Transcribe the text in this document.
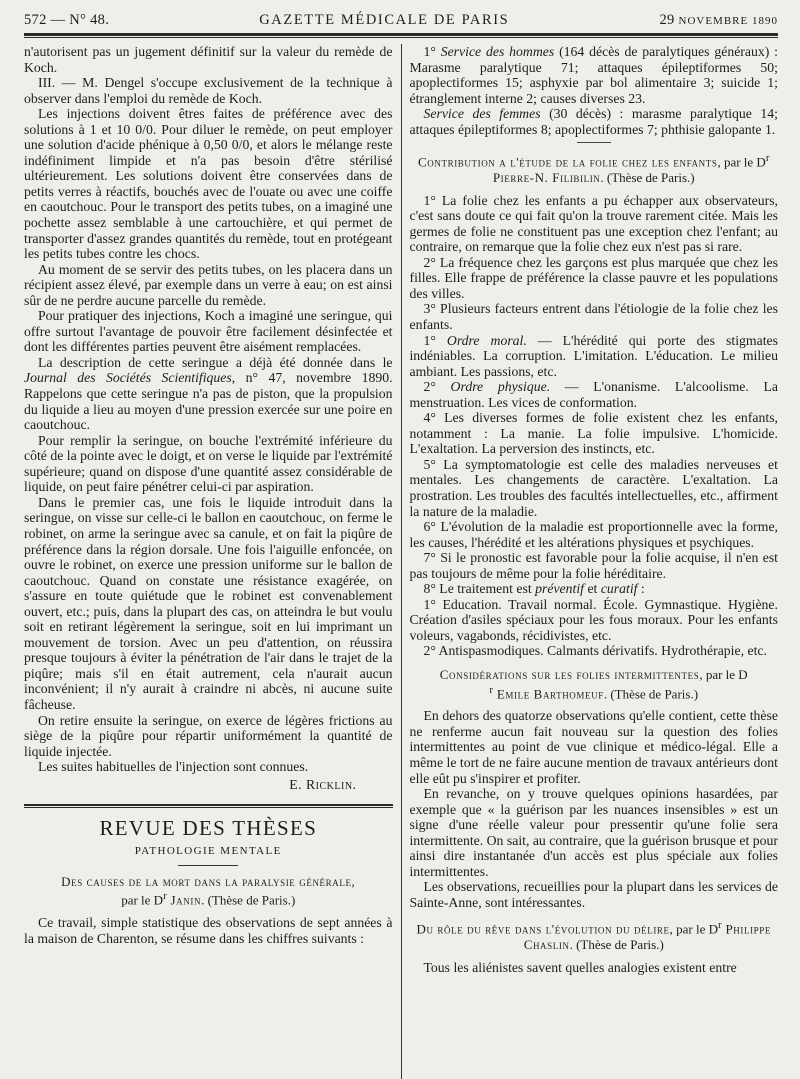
572 — N° 48.	GAZETTE MÉDICALE DE PARIS	29 NOVEMBRE 1890

n'autorisent pas un jugement définitif sur la valeur du remède de Koch.

III. — M. Dengel s'occupe exclusivement de la technique à observer dans l'emploi du remède de Koch.

Les injections doivent êtres faites de préférence avec des solutions à 1 et 10 0/0. Pour diluer le remède, on peut employer une solution d'acide phénique à 0,50 0/0, et alors le mélange reste indéfiniment limpide et n'a pas besoin d'être stérilisé ultérieurement. Les solutions doivent être conservées dans de petits verres à réactifs, bouchés avec de l'ouate ou avec une coiffe en caoutchouc. Pour le transport des petits tubes, on a imaginé une pochette assez semblable à une cartouchière, et qui permet de transporter d'assez grandes quantités du remède, tout en protégeant les petits tubes contre les chocs.

Au moment de se servir des petits tubes, on les placera dans un récipient assez élevé, par exemple dans un verre à eau; on est ainsi sûr de ne perdre aucune parcelle du remède.

Pour pratiquer des injections, Koch a imaginé une seringue, qui offre surtout l'avantage de pouvoir être facilement désinfectée et dont les différentes parties peuvent être aisément remplacées.

La description de cette seringue a déjà été donnée dans le Journal des Sociétés Scientifiques, n° 47, novembre 1890. Rappelons que cette seringue n'a pas de piston, que la propulsion du liquide a lieu au moyen d'une pression exercée sur une poire en caoutchouc.

Pour remplir la seringue, on bouche l'extrémité inférieure du côté de la pointe avec le doigt, et on verse le liquide par l'extrémité supérieure; quand on dispose d'une quantité assez considérable de liquide, on peut faire pénétrer celui-ci par aspiration.

Dans le premier cas, une fois le liquide introduit dans la seringue, on visse sur celle-ci le ballon en caoutchouc, on ferme le robinet, on arme la seringue avec sa canule, et on fait la piqûre de préférence dans la région dorsale. Une fois l'aiguille enfoncée, on ouvre le robinet, on exerce une pression uniforme sur le ballon de caoutchouc. Quand on constate une résistance exagérée, on s'assure en toute quiétude que le robinet est convenablement ouvert, etc.; puis, dans la plupart des cas, on atteindra le but voulu soit en retirant légèrement la seringue, soit en lui imprimant un mouvement de torsion. Avec un peu d'attention, on réussira presque toujours à éviter la pénétration de l'air dans le trajet de la piqûre; mais s'il en était autrement, cela n'aurait aucun inconvénient; il n'y aurait à craindre ni abcès, ni aucune suite fâcheuse.

On retire ensuite la seringue, on exerce de légères frictions au siège de la piqûre pour répartir uniformément la quantité de liquide injectée.

Les suites habituelles de l'injection sont connues.

E. Ricklin.
REVUE DES THÈSES
PATHOLOGIE MENTALE
Des causes de la mort dans la paralysie générale,
par le $D^r$ Janin. (Thèse de Paris.)

Ce travail, simple statistique des observations de sept années à la maison de Charenton, se résume dans les chiffres suivants :

1° Service des hommes (164 décès de paralytiques généraux) : Marasme paralytique 71; attaques épileptiformes 50; apoplectiformes 15; asphyxie par bol alimentaire 3; suicide 1; étranglement interne 2; causes diverses 23.

Service des femmes (30 décès) : marasme paralytique 14; attaques épileptiformes 8; apoplectiformes 7; phthisie galopante 1.

Contribution a l'étude de la folie chez les enfants, par le $D^r$ Pierre-N. Filibilin. (Thèse de Paris.)

1° La folie chez les enfants a pu échapper aux observateurs, c'est sans doute ce qui fait qu'on la trouve rarement citée. Mais les germes de folie ne constituent pas une exception chez l'enfant; au contraire, on remarque que la folie chez eux n'est pas si rare.

2° La fréquence chez les garçons est plus marquée que chez les filles. Elle frappe de préférence la classe pauvre et les populations des villes.

3° Plusieurs facteurs entrent dans l'étiologie de la folie chez les enfants.

1° Ordre moral. — L'hérédité qui porte des stigmates indéniables. La corruption. L'imitation. L'éducation. Le milieu ambiant. Les passions, etc.

2° Ordre physique. — L'onanisme. L'alcoolisme. La menstruation. Les vices de conformation.

4° Les diverses formes de folie existent chez les enfants, notamment : La manie. La folie impulsive. L'homicide. L'exaltation. La perversion des instincts, etc.

5° La symptomatologie est celle des maladies nerveuses et mentales. Les changements de caractère. L'exaltation. La prostration. Les troubles des facultés intellectuelles, etc., affirment la nature de la maladie.

6° L'évolution de la maladie est proportionnelle avec la forme, les causes, l'hérédité et les altérations physiques et psychiques.

7° Si le pronostic est favorable pour la folie acquise, il n'en est pas toujours de même pour la folie héréditaire.

8° Le traitement est préventif et curatif :

1° Education. Travail normal. École. Gymnastique. Hygiène. Création d'asiles spéciaux pour les fous moraux. Pour les enfants voleurs, vagabonds, récidivistes, etc.

2° Antispasmodiques. Calmants dérivatifs. Hydrothérapie, etc.

Considérations sur les folies intermittentes, par le D
$^r$ Emile Barthomeuf. (Thèse de Paris.)

En dehors des quatorze observations qu'elle contient, cette thèse ne renferme aucun fait nouveau sur la question des folies intermittentes au point de vue clinique et médico-légal. Elle a même le tort de ne faire aucune mention de travaux antérieurs dont elle eût pu s'inspirer et profiter.

En revanche, on y trouve quelques opinions hasardées, par exemple que « la guérison par les nuances insensibles » est un signe d'une réelle valeur pour pressentir qu'une folie sera intermittente. On sait, au contraire, que la guérison brusque et pour ainsi dire instantanée d'un accès est plus spéciale aux folies intermittentes.

Les observations, recueillies pour la plupart dans les services de Sainte-Anne, sont intéressantes.

Du rôle du rêve dans l'évolution du délire, par le $D^r$ Philippe Chaslin. (Thèse de Paris.)

Tous les aliénistes savent quelles analogies existent entre
